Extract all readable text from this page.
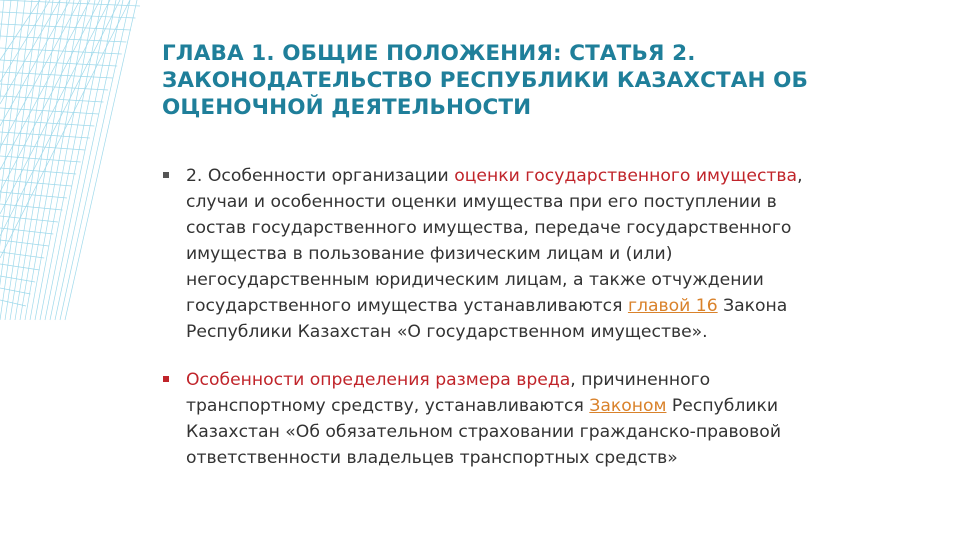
ГЛАВА 1. ОБЩИЕ ПОЛОЖЕНИЯ: СТАТЬЯ 2.
ЗАКОНОДАТЕЛЬСТВО РЕСПУБЛИКИ КАЗАХСТАН ОБ
ОЦЕНОЧНОЙ ДЕЯТЕЛЬНОСТИ
2. Особенности организации оценки государственного имущества,
случаи и особенности оценки имущества при его поступлении в
состав государственного имущества, передаче государственного
имущества в пользование физическим лицам и (или)
негосударственным юридическим лицам, а также отчуждении
государственного имущества устанавливаются главой 16 Закона
Республики Казахстан «О государственном имуществе».
Особенности определения размера вреда, причиненного
транспортному средству, устанавливаются Законом Республики
Казахстан «Об обязательном страховании гражданско-правовой
ответственности владельцев транспортных средств»
